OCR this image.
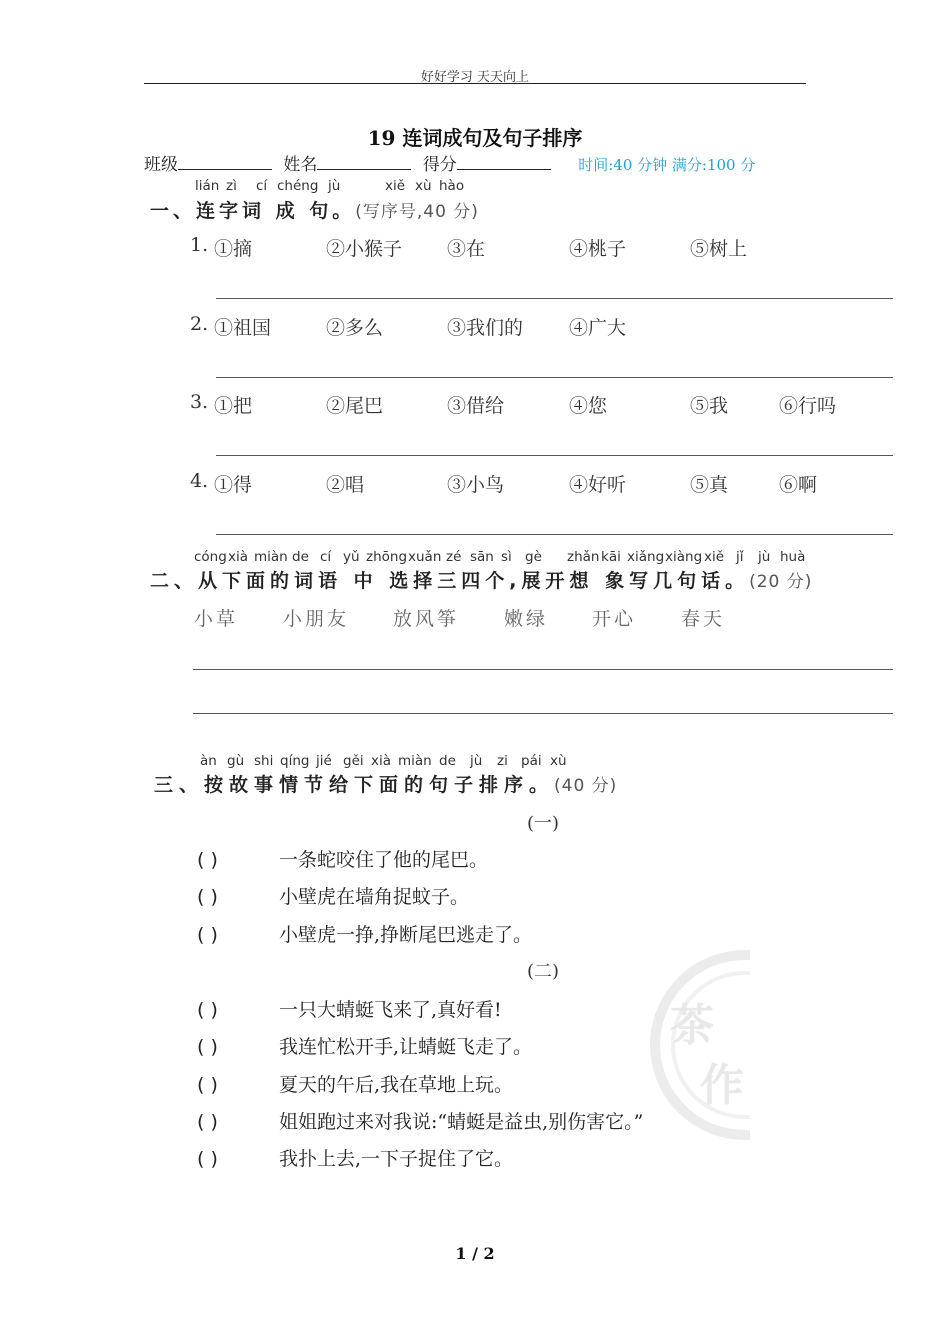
好好学习 天天向上
19 连词成句及句子排序
班级	姓名	得分	时间:40 分钟 满分:100 分
lián zì cí chéng jù	xiě xù hào
一、连字词 成 句。(写序号,40 分)
1. ①摘	②小猴子 ③在	④桃子	⑤树上
2. ①祖国	②多么	③我们的 ④广大
3. ①把	②尾巴	③借给	④您	⑤我	⑥行吗
4. ①得	②唱	③小鸟	④好听	⑤真	⑥啊
cóng xià miàn de cí yǔ zhōng xuǎn zé sān sì gè zhǎn kāi xiǎng xiàng xiě jǐ jù huà
二、从下面的词语 中 选择三四个,展开想 象写几句话。(20 分)
小草 小朋友 放风筝 嫩绿 开心 春天
àn gù shi qíng jié gěi xià miàn de jù zi pái xù
三、按故事情节给下面的句子排序。(40 分)
(一)
( )	一条蛇咬住了他的尾巴。
( )	小壁虎在墙角捉蚊子。
( )	小壁虎一挣,挣断尾巴逃走了。
(二)
( )	一只大蜻蜓飞来了,真好看!
( )	我连忙松开手,让蜻蜓飞走了。
( )	夏天的午后,我在草地上玩。
( )	姐姐跑过来对我说:“蜻蜓是益虫,别伤害它。”
( )	我扑上去,一下子捉住了它。
茶
作
1 / 2
